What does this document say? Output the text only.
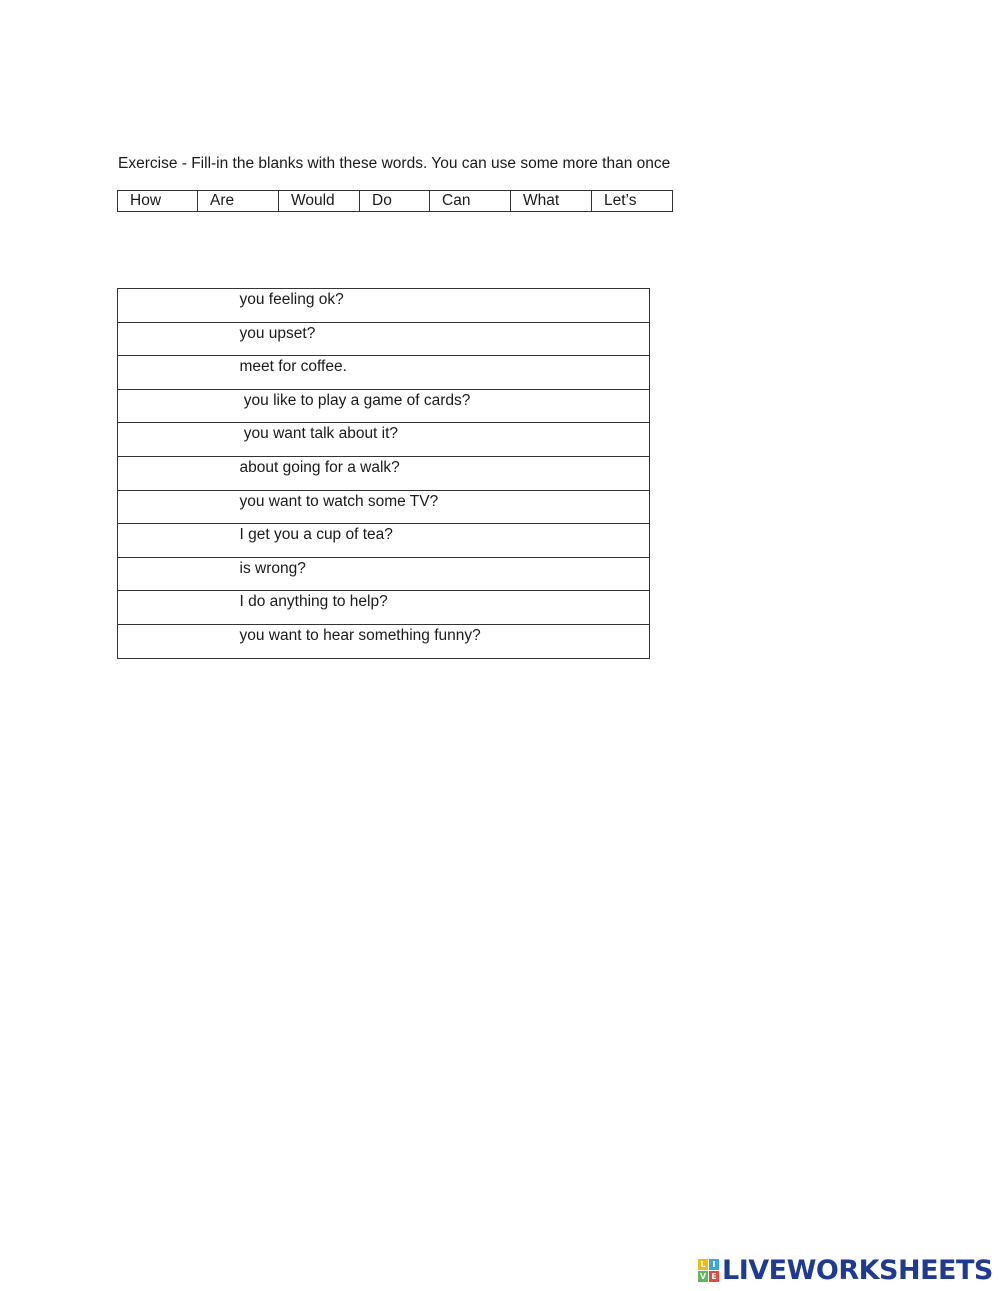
Exercise - Fill-in the blanks with these words. You can use some more than once
How	Are	Would	Do	Can	What	Let’s
	you feeling ok?
	you upset?
	meet for coffee.
	you like to play a game of cards?
	you want talk about it?
	about going for a walk?
	you want to watch some TV?
	I get you a cup of tea?
	is wrong?
	I do anything to help?
	you want to hear something funny?
L I
V E LIVEWORKSHEETS
